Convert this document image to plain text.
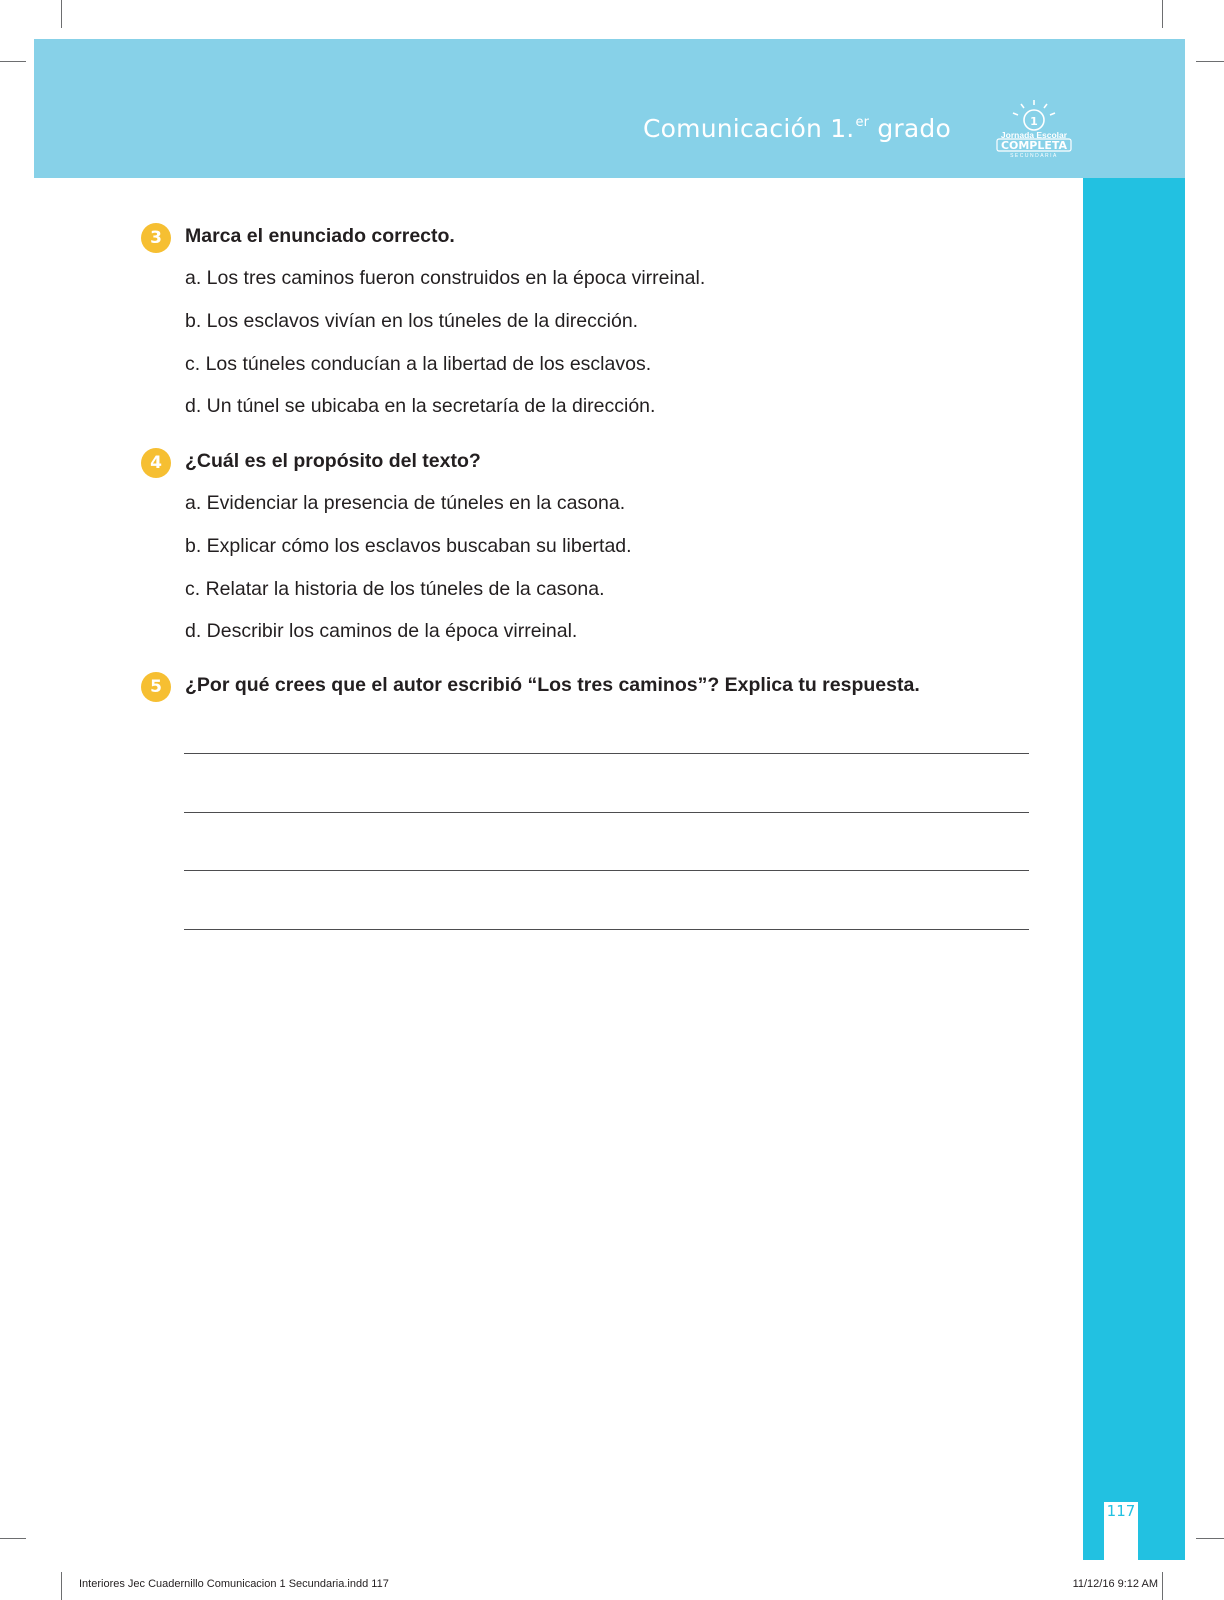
Comunicación 1.$^{er}$ grado	1
Jornada Escolar
COMPLETA
SECUNDARIA
3	Marca el enunciado correcto.
a. Los tres caminos fueron construidos en la época virreinal.
b. Los esclavos vivían en los túneles de la dirección.
c. Los túneles conducían a la libertad de los esclavos.
d. Un túnel se ubicaba en la secretaría de la dirección.
4	¿Cuál es el propósito del texto?
a. Evidenciar la presencia de túneles en la casona.
b. Explicar cómo los esclavos buscaban su libertad.
c. Relatar la historia de los túneles de la casona.
d. Describir los caminos de la época virreinal.
5	¿Por qué crees que el autor escribió “Los tres caminos”? Explica tu respuesta.
117
Interiores Jec Cuadernillo Comunicacion 1 Secundaria.indd 117	11/12/16 9:12 AM
